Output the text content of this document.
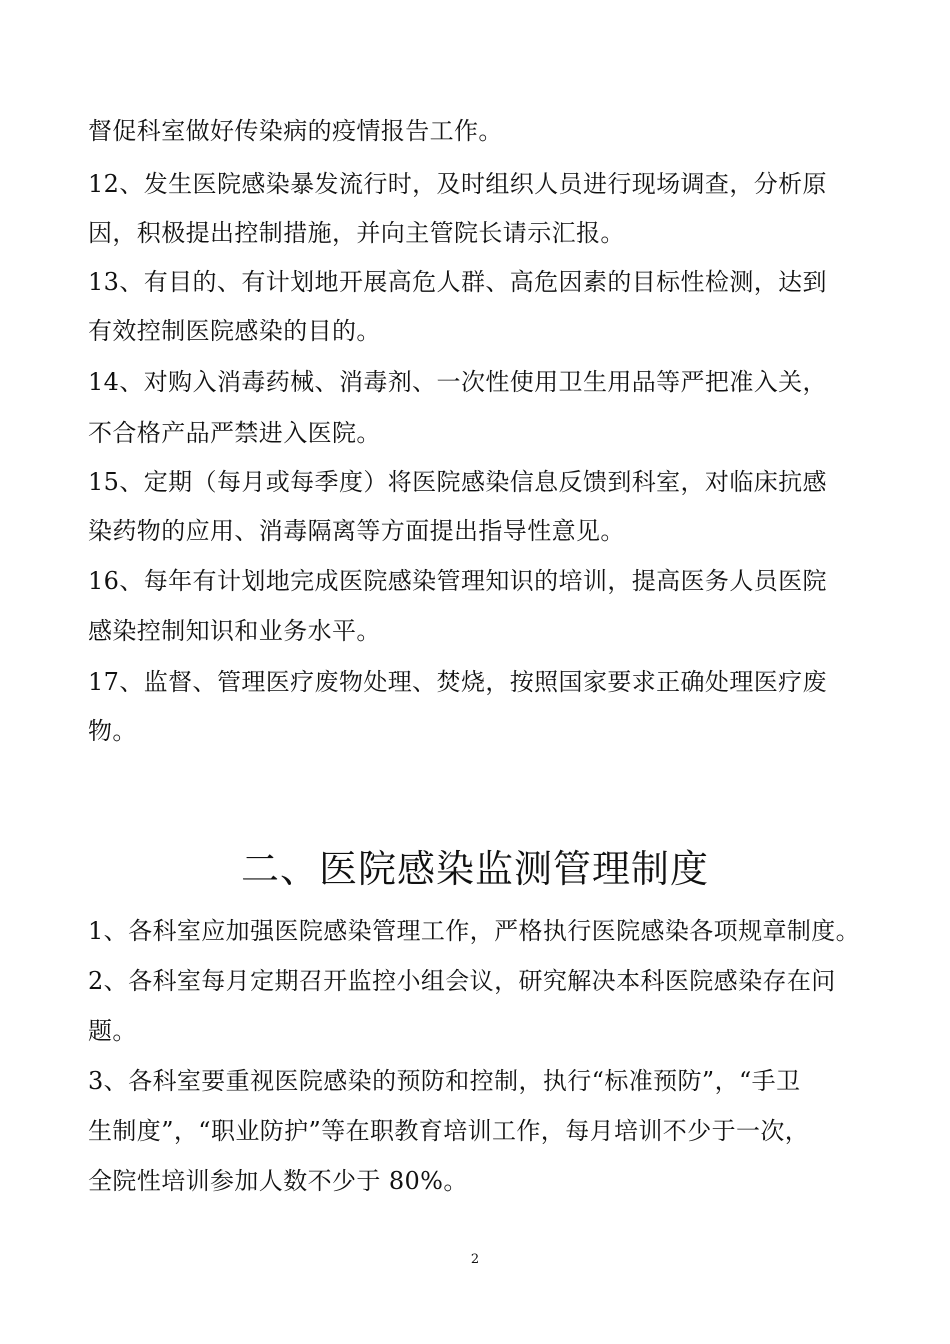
督促科室做好传染病的疫情报告工作。
12、发生医院感染暴发流行时，及时组织人员进行现场调查，分析原
因，积极提出控制措施，并向主管院长请示汇报。
13、有目的、有计划地开展高危人群、高危因素的目标性检测，达到
有效控制医院感染的目的。
14、对购入消毒药械、消毒剂、一次性使用卫生用品等严把准入关，
不合格产品严禁进入医院。
15、定期（每月或每季度）将医院感染信息反馈到科室，对临床抗感
染药物的应用、消毒隔离等方面提出指导性意见。
16、每年有计划地完成医院感染管理知识的培训，提高医务人员医院
感染控制知识和业务水平。
17、监督、管理医疗废物处理、焚烧，按照国家要求正确处理医疗废
物。
二、医院感染监测管理制度
1、各科室应加强医院感染管理工作，严格执行医院感染各项规章制度。
2、各科室每月定期召开监控小组会议，研究解决本科医院感染存在问
题。
3、各科室要重视医院感染的预防和控制，执行“标准预防”，“手卫
生制度”，“职业防护”等在职教育培训工作，每月培训不少于一次，
全院性培训参加人数不少于 80%。
2
